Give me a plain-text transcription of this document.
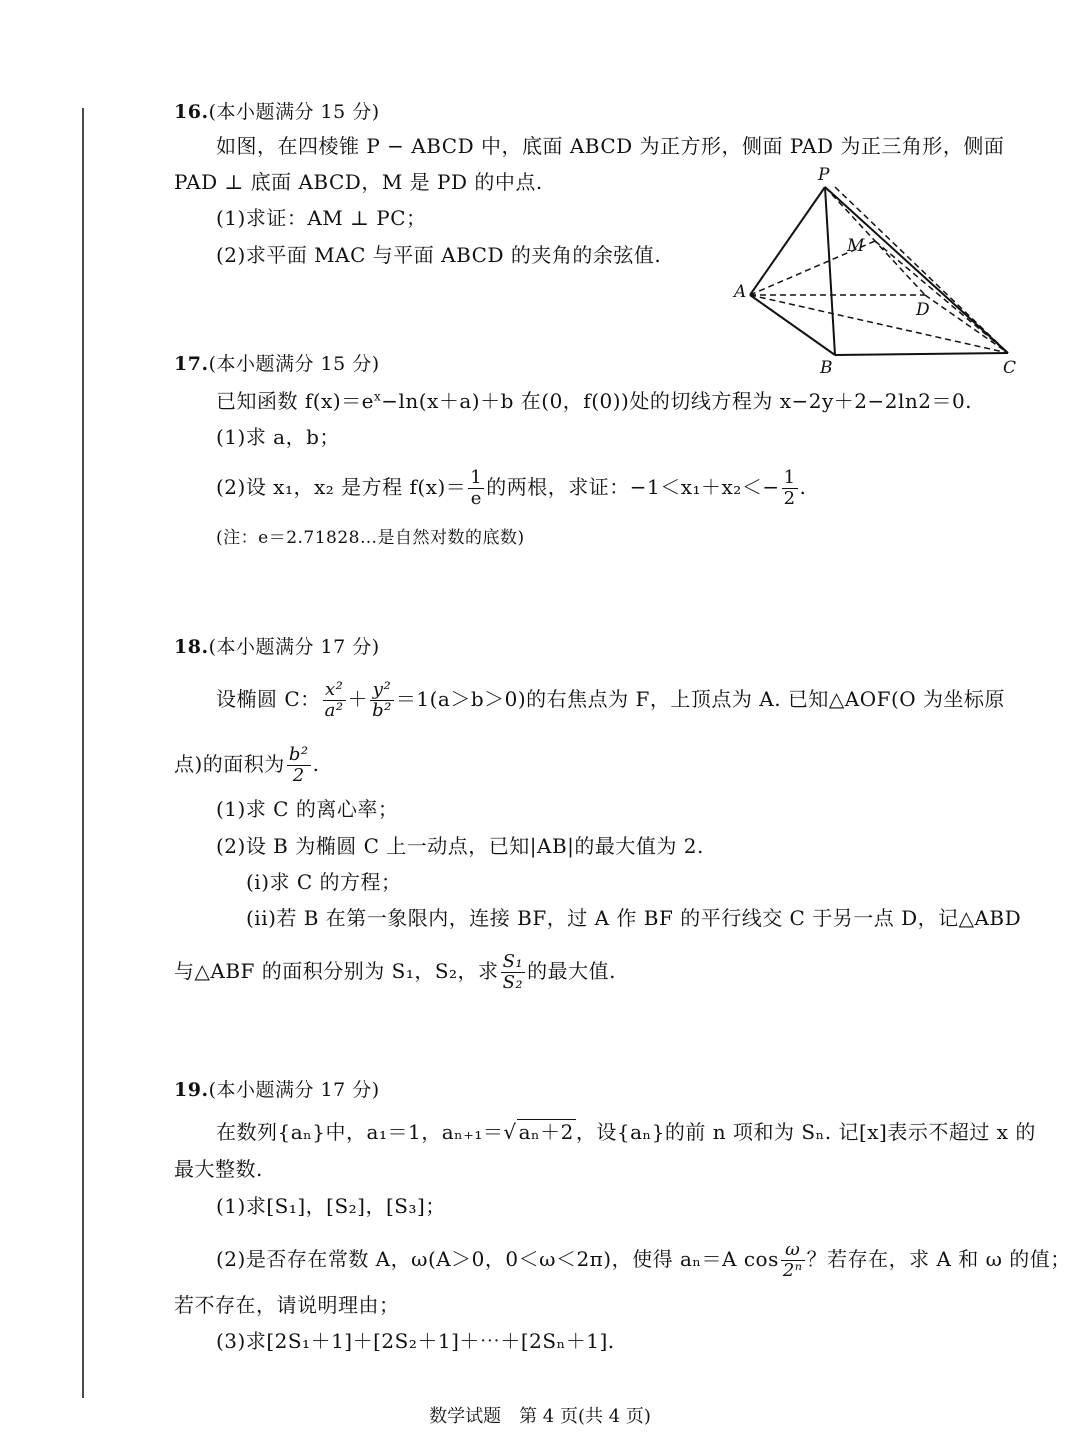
16.(本小题满分 15 分)
如图，在四棱锥 P − ABCD 中，底面 ABCD 为正方形，侧面 PAD 为正三角形，侧面
PAD ⊥ 底面 ABCD，M 是 PD 的中点.
(1)求证：AM ⊥ PC；
(2)求平面 MAC 与平面 ABCD 的夹角的余弦值.
P
M
A
D
B	C
17.(本小题满分 15 分)
已知函数 $f(x)=e^x-\ln(x+a)+b$ 在(0，f(0))处的切线方程为 x−2y＋2−2ln2＝0.
(1)求 a，b；
(2)设 x₁，x₂ 是方程 $f(x)= \frac{1}{e}$ 的两根，求证：$-1<x_1+x_2<- \frac{1}{2}$ .
(注：e＝2.71828…是自然对数的底数)
18.(本小题满分 17 分)
设椭圆 C： $\frac{\text{x²}}{\text{a²}} + \frac{\text{y²}}{\text{b²}} =1(a>b>0)$的右焦点为 F，上顶点为 A. 已知△AOF(O 为坐标原
点)的面积为 $\frac{\text{b²}}{2}$ .
(1)求 C 的离心率；
(2)设 B 为椭圆 C 上一动点，已知|AB|的最大值为 2.
(i)求 C 的方程；
(ii)若 B 在第一象限内，连接 BF，过 A 作 BF 的平行线交 C 于另一点 D，记△ABD
与△ABF 的面积分别为 S₁，S₂，求 $\frac{\text{S₁}}{\text{S₂}}$ 的最大值.
19.(本小题满分 17 分)
在数列{aₙ}中，a₁＝1，aₙ₊₁＝√ aₙ＋2 ，设{aₙ}的前 n 项和为 Sₙ. 记[x]表示不超过 x 的
最大整数.
(1)求[S₁]，[S₂]，[S₃]；
(2)是否存在常数 A，ω(A＞0，0＜ω＜2π)，使得 aₙ＝A $\cos \frac{\omega}{\text{2ⁿ}}$ ？若存在，求 A 和 ω 的值；
若不存在，请说明理由；
(3)求[2S₁＋1]＋[2S₂＋1]＋⋯＋[2Sₙ＋1].
数学试题　第 4 页(共 4 页)
